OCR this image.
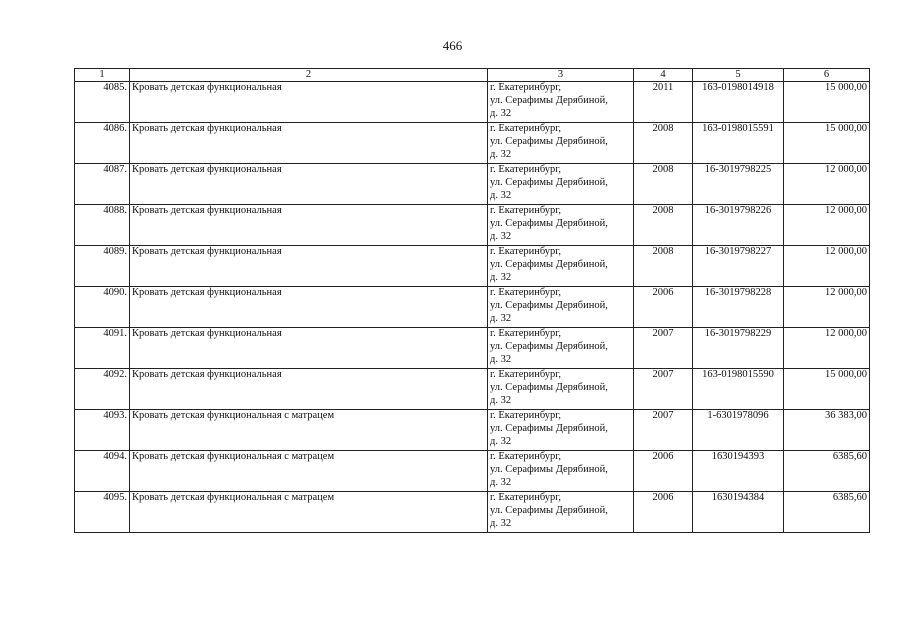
466
1	2	3	4	5	6
4085.	Кровать детская функциональная	г. Екатеринбург,
ул. Серафимы Дерябиной,
д. 32	2011	163-0198014918	15 000,00
4086.	Кровать детская функциональная	г. Екатеринбург,
ул. Серафимы Дерябиной,
д. 32	2008	163-0198015591	15 000,00
4087.	Кровать детская функциональная	г. Екатеринбург,
ул. Серафимы Дерябиной,
д. 32	2008	16-3019798225	12 000,00
4088.	Кровать детская функциональная	г. Екатеринбург,
ул. Серафимы Дерябиной,
д. 32	2008	16-3019798226	12 000,00
4089.	Кровать детская функциональная	г. Екатеринбург,
ул. Серафимы Дерябиной,
д. 32	2008	16-3019798227	12 000,00
4090.	Кровать детская функциональная	г. Екатеринбург,
ул. Серафимы Дерябиной,
д. 32	2006	16-3019798228	12 000,00
4091.	Кровать детская функциональная	г. Екатеринбург,
ул. Серафимы Дерябиной,
д. 32	2007	16-3019798229	12 000,00
4092.	Кровать детская функциональная	г. Екатеринбург,
ул. Серафимы Дерябиной,
д. 32	2007	163-0198015590	15 000,00
4093.	Кровать детская функциональная с матрацем	г. Екатеринбург,
ул. Серафимы Дерябиной,
д. 32	2007	1-6301978096	36 383,00
4094.	Кровать детская функциональная с матрацем	г. Екатеринбург,
ул. Серафимы Дерябиной,
д. 32	2006	1630194393	6385,60
4095.	Кровать детская функциональная с матрацем	г. Екатеринбург,
ул. Серафимы Дерябиной,
д. 32	2006	1630194384	6385,60
